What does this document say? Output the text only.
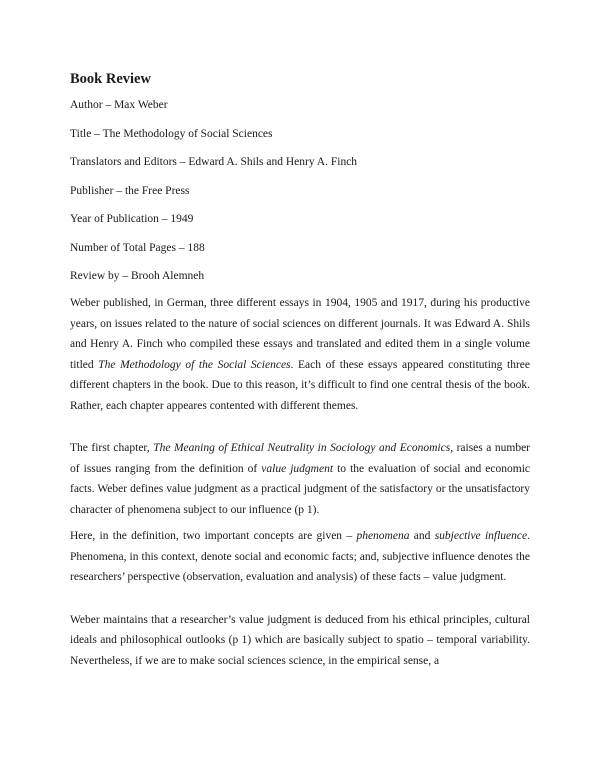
Book Review

Author – Max Weber

Title – The Methodology of Social Sciences

Translators and Editors – Edward A. Shils and Henry A. Finch

Publisher – the Free Press

Year of Publication – 1949

Number of Total Pages – 188

Review by – Brooh Alemneh

Weber published, in German, three different essays in 1904, 1905 and 1917, during his productive years, on issues related to the nature of social sciences on different journals. It was Edward A. Shils and Henry A. Finch who compiled these essays and translated and edited them in a single volume titled The Methodology of the Social Sciences. Each of these essays appeared constituting three different chapters in the book. Due to this reason, it’s difficult to find one central thesis of the book. Rather, each chapter appeares contented with different themes.

The first chapter, The Meaning of Ethical Neutrality in Sociology and Economics, raises a number of issues ranging from the definition of value judgment to the evaluation of social and economic facts. Weber defines value judgment as a practical judgment of the satisfactory or the unsatisfactory character of phenomena subject to our influence (p 1).

Here, in the definition, two important concepts are given – phenomena and subjective influence. Phenomena, in this context, denote social and economic facts; and, subjective influence denotes the researchers’ perspective (observation, evaluation and analysis) of these facts – value judgment.

Weber maintains that a researcher’s value judgment is deduced from his ethical principles, cultural ideals and philosophical outlooks (p 1) which are basically subject to spatio – temporal variability. Nevertheless, if we are to make social sciences science, in the empirical sense, a
